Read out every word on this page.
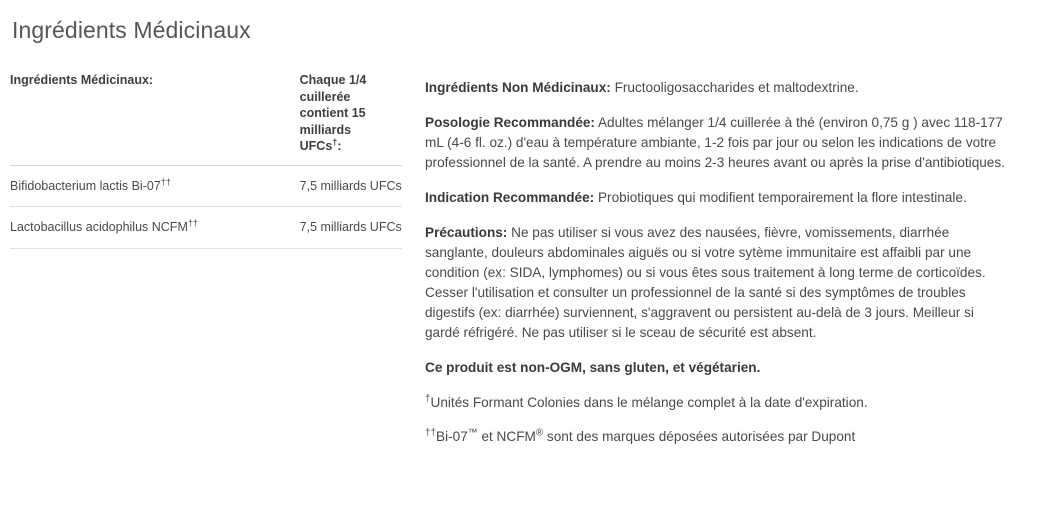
Ingrédients Médicinaux
Ingrédients Médicinaux:	Chaque 1/4
cuillerée
contient 15
milliards
UFCs†:
Bifidobacterium lactis Bi-07††	7,5 milliards UFCs
Lactobacillus acidophilus NCFM††	7,5 milliards UFCs

Ingrédients Non Médicinaux: Fructooligosaccharides et maltodextrine.

Posologie Recommandée: Adultes mélanger 1/4 cuillerée à thé (environ 0,75 g ) avec 118-177 mL (4-6 fl. oz.) d'eau à température ambiante, 1-2 fois par jour ou selon les indications de votre professionnel de la santé. A prendre au moins 2-3 heures avant ou après la prise d'antibiotiques.

Indication Recommandée: Probiotiques qui modifient temporairement la flore intestinale.

Précautions: Ne pas utiliser si vous avez des nausées, fièvre, vomissements, diarrhée sanglante, douleurs abdominales aiguës ou si votre sytème immunitaire est affaibli par une condition (ex: SIDA, lymphomes) ou si vous êtes sous traitement à long terme de corticoïdes. Cesser l'utilisation et consulter un professionnel de la santé si des symptômes de troubles digestifs (ex: diarrhée) surviennent, s'aggravent ou persistent au-delà de 3 jours. Meilleur si gardé réfrigéré. Ne pas utiliser si le sceau de sécurité est absent.

Ce produit est non-OGM, sans gluten, et végétarien.

†Unités Formant Colonies dans le mélange complet à la date d'expiration.

††Bi-07™ et NCFM® sont des marques déposées autorisées par Dupont
